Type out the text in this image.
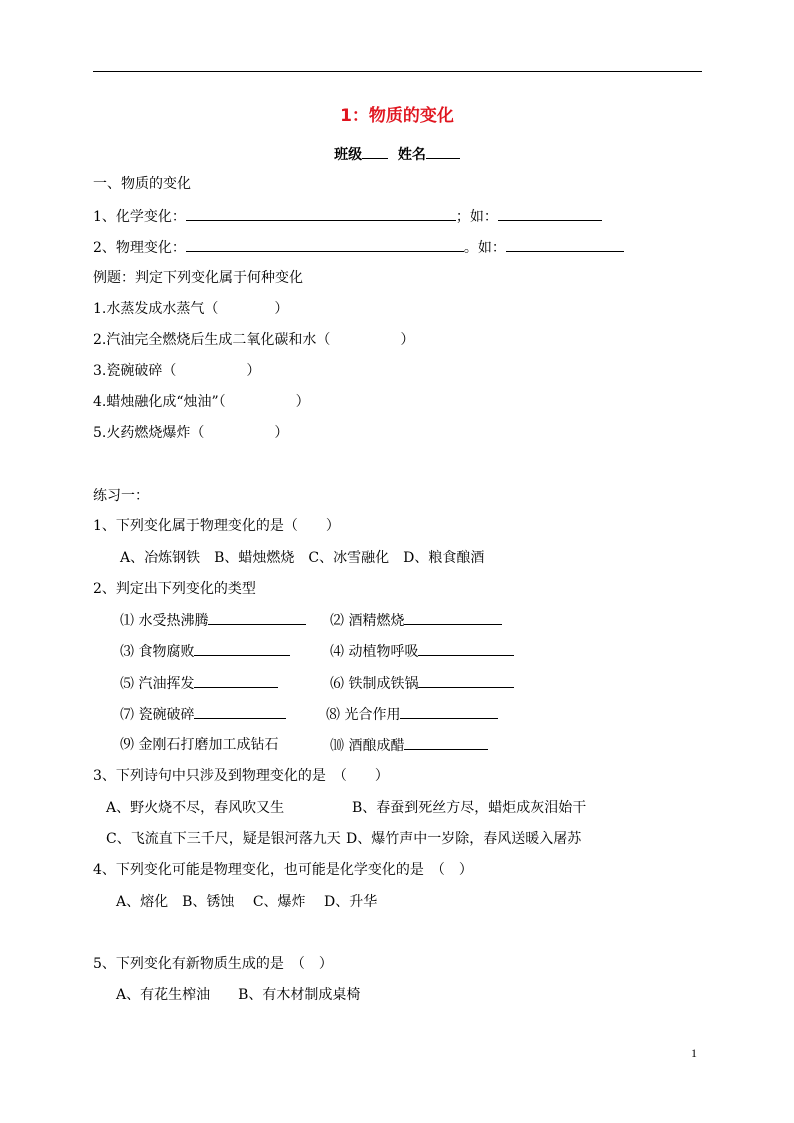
1：物质的变化
班级	姓名
一、物质的变化
1、化学变化：	；如：
2、物理变化：	。如：
例题：判定下列变化属于何种变化
1.水蒸发成水蒸气（　　　　）
2.汽油完全燃烧后生成二氧化碳和水（　　　　　）
3.瓷碗破碎（　　　　　）
4.蜡烛融化成“烛油”（　　　　　）
5.火药燃烧爆炸（　　　　　）
练习一：
1、下列变化属于物理变化的是（　　）
A、冶炼钢铁　B、蜡烛燃烧　C、冰雪融化　D、粮食酿酒
2、判定出下列变化的类型
⑴ 水受热沸腾	⑵ 酒精燃烧
⑶ 食物腐败	⑷ 动植物呼吸
⑸ 汽油挥发	⑹ 铁制成铁锅
⑺ 瓷碗破碎	⑻ 光合作用
⑼ 金刚石打磨加工成钻石	⑽ 酒酿成醋
3、下列诗句中只涉及到物理变化的是　（　　）
A、野火烧不尽，春风吹又生	B、春蚕到死丝方尽，蜡炬成灰泪始干
C、飞流直下三千尺，疑是银河落九天 D、爆竹声中一岁除，春风送暖入屠苏
4、下列变化可能是物理变化，也可能是化学变化的是　（　）
A、熔化　B、锈蚀　 C、爆炸　 D、升华
5、下列变化有新物质生成的是　（　）
A、有花生榨油　　B、有木材制成桌椅
1
